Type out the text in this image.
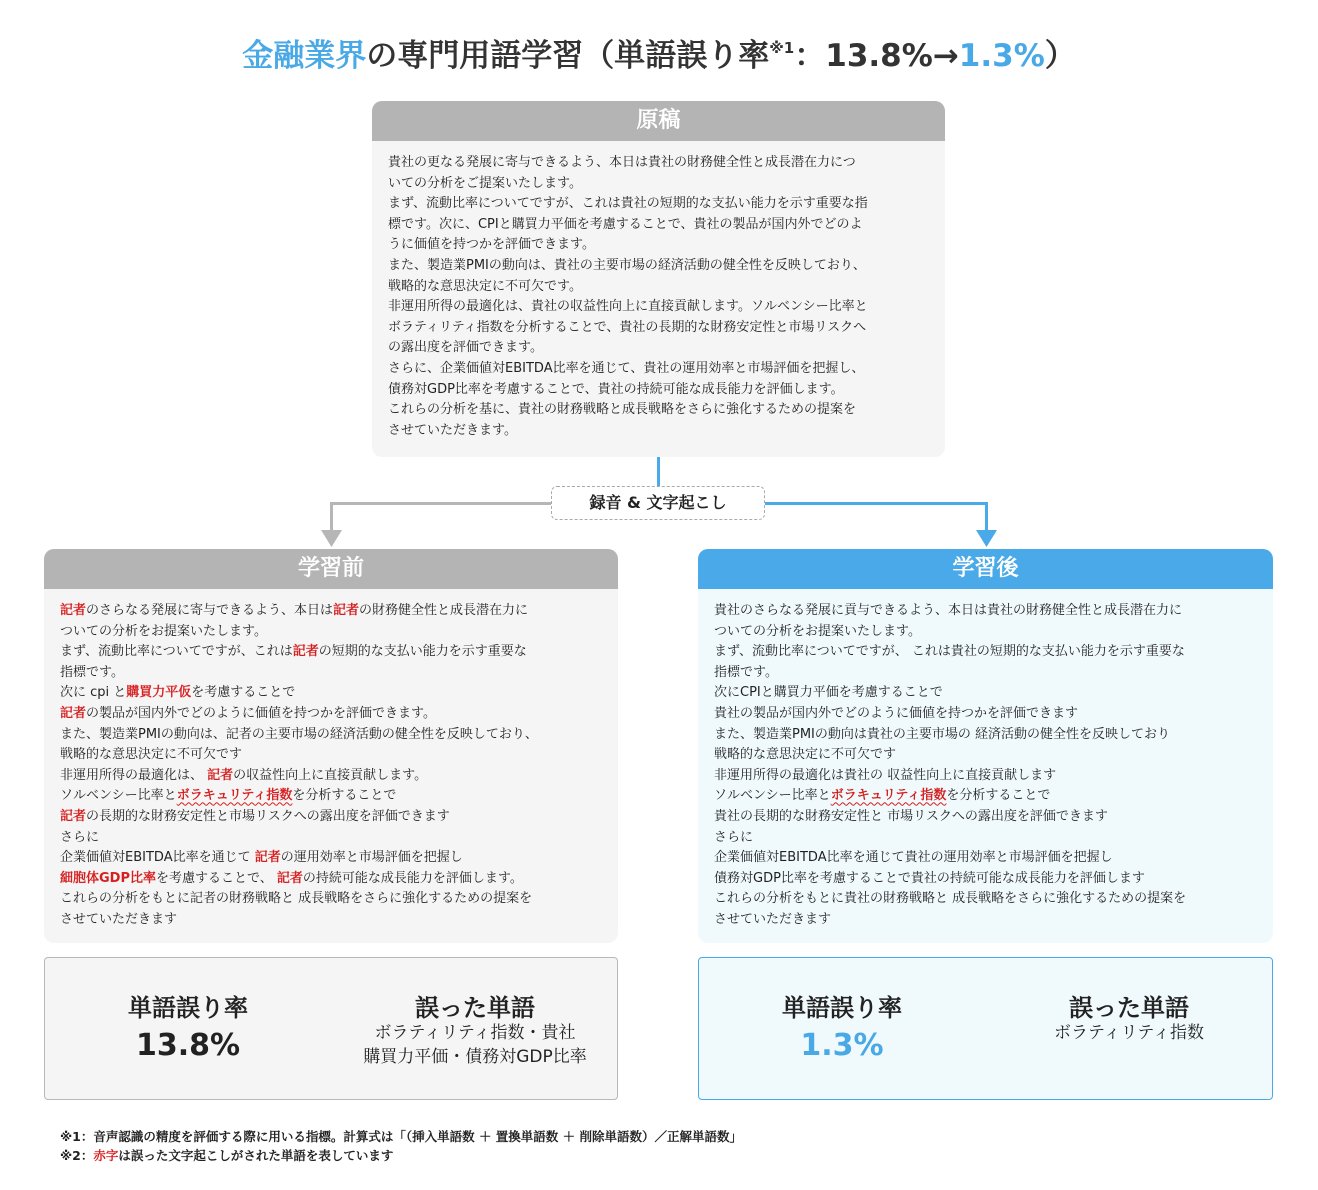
金融業界の専門用語学習（単語誤り率$^{※1}$：13.8%→1.3%）
原稿
貴社の更なる発展に寄与できるよう、本日は貴社の財務健全性と成長潜在力につ
いての分析をご提案いたします。
まず、流動比率についてですが、これは貴社の短期的な支払い能力を示す重要な指
標です。次に、CPIと購買力平価を考慮することで、貴社の製品が国内外でどのよ
うに価値を持つかを評価できます。
また、製造業PMIの動向は、貴社の主要市場の経済活動の健全性を反映しており、
戦略的な意思決定に不可欠です。
非運用所得の最適化は、貴社の収益性向上に直接貢献します。ソルベンシー比率と
ボラティリティ指数を分析することで、貴社の長期的な財務安定性と市場リスクへ
の露出度を評価できます。
さらに、企業価値対EBITDA比率を通じて、貴社の運用効率と市場評価を把握し、
債務対GDP比率を考慮することで、貴社の持続可能な成長能力を評価します。
これらの分析を基に、貴社の財務戦略と成長戦略をさらに強化するための提案を
させていただきます。
録音 & 文字起こし
学習前
記者のさらなる発展に寄与できるよう、本日は記者の財務健全性と成長潜在力に
ついての分析をお提案いたします。
まず、流動比率についてですが、これは記者の短期的な支払い能力を示す重要な
指標です。
次に cpi と購買力平仮を考慮することで
記者の製品が国内外でどのように価値を持つかを評価できます。
また、製造業PMIの動向は、記者の主要市場の経済活動の健全性を反映しており、
戦略的な意思決定に不可欠です
非運用所得の最適化は、 記者の収益性向上に直接貢献します。
ソルベンシー比率とボラキュリティ指数を分析することで
記者の長期的な財務安定性と市場リスクへの露出度を評価できます
さらに
企業価値対EBITDA比率を通じて 記者の運用効率と市場評価を把握し
細胞体GDP比率を考慮することで、 記者の持続可能な成長能力を評価します。
これらの分析をもとに記者の財務戦略と 成長戦略をさらに強化するための提案を
させていただきます
学習後
貴社のさらなる発展に貢与できるよう、本日は貴社の財務健全性と成長潜在力に
ついての分析をお提案いたします。
まず、流動比率についてですが、 これは貴社の短期的な支払い能力を示す重要な
指標です。
次にCPIと購買力平価を考慮することで
貴社の製品が国内外でどのように価値を持つかを評価できます
また、製造業PMIの動向は貴社の主要市場の 経済活動の健全性を反映しており
戦略的な意思決定に不可欠です
非運用所得の最適化は貴社の 収益性向上に直接貢献します
ソルベンシー比率とボラキュリティ指数を分析することで
貴社の長期的な財務安定性と 市場リスクへの露出度を評価できます
さらに
企業価値対EBITDA比率を通じて貴社の運用効率と市場評価を把握し
債務対GDP比率を考慮することで貴社の持続可能な成長能力を評価します
これらの分析をもとに貴社の財務戦略と 成長戦略をさらに強化するための提案を
させていただきます
単語誤り率
13.8%
誤った単語
ボラティリティ指数・貴社
購買力平価・債務対GDP比率
単語誤り率
1.3%
誤った単語
ボラティリティ指数
※1：音声認識の精度を評価する際に用いる指標。計算式は「（挿入単語数 ＋ 置換単語数 ＋ 削除単語数）／正解単語数」
※2：赤字は誤った文字起こしがされた単語を表しています
